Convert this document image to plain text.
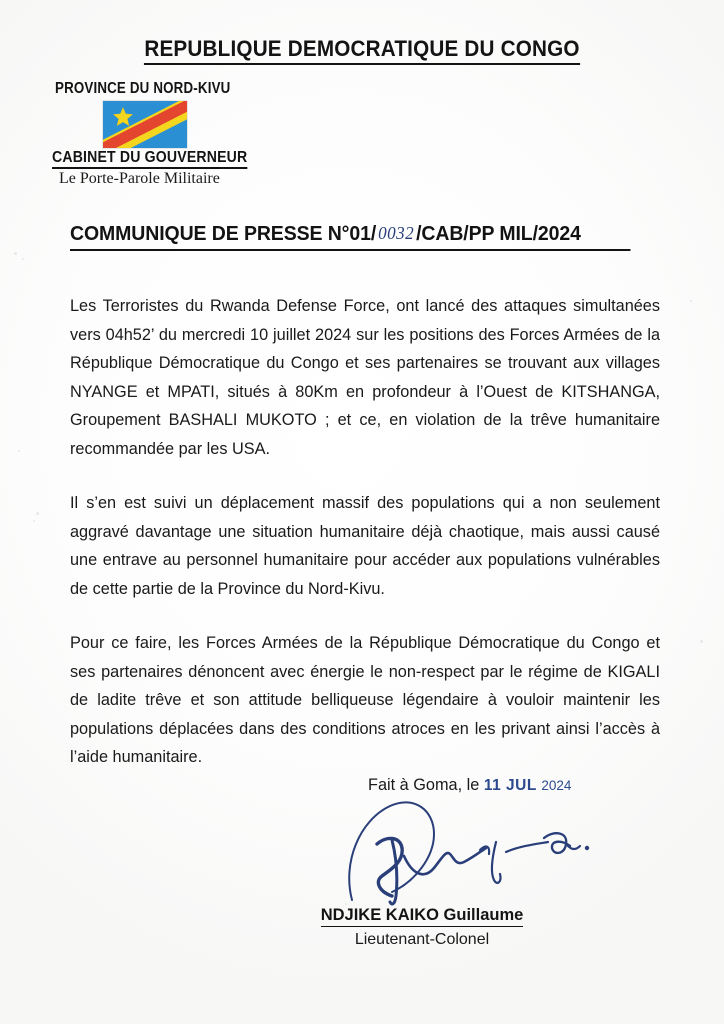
REPUBLIQUE DEMOCRATIQUE DU CONGO
PROVINCE DU NORD-KIVU
CABINET DU GOUVERNEUR
Le Porte-Parole Militaire
COMMUNIQUE DE PRESSE N°01/ 0032/CAB/PP MIL/2024

Les Terroristes du Rwanda Defense Force, ont lancé des attaques simultanées vers 04h52’ du mercredi 10 juillet 2024 sur les positions des Forces Armées de la République Démocratique du Congo et ses partenaires se trouvant aux villages NYANGE et MPATI, situés à 80Km en profondeur à l’Ouest de KITSHANGA, Groupement BASHALI MUKOTO ; et ce, en violation de la trêve humanitaire recommandée par les USA.

Il s’en est suivi un déplacement massif des populations qui a non seulement aggravé davantage une situation humanitaire déjà chaotique, mais aussi causé une entrave au personnel humanitaire pour accéder aux populations vulnérables de cette partie de la Province du Nord-Kivu.

Pour ce faire, les Forces Armées de la République Démocratique du Congo et ses partenaires dénoncent avec énergie le non-respect par le régime de KIGALI de ladite trêve et son attitude belliqueuse légendaire à vouloir maintenir les populations déplacées dans des conditions atroces en les privant ainsi l’accès à l’aide humanitaire.

Fait à Goma, le 11 JUL 2024
NDJIKE KAIKO Guillaume
Lieutenant-Colonel
